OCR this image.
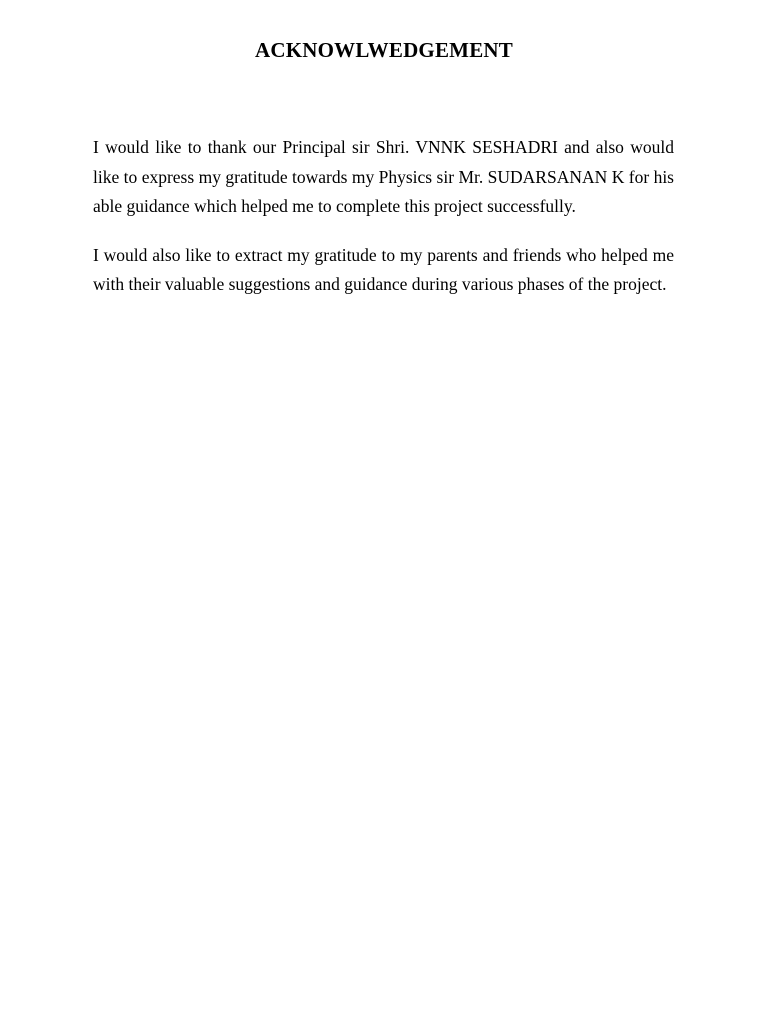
ACKNOWLWEDGEMENT

I would like to thank our Principal sir Shri. VNNK SESHADRI and also would like to express my gratitude towards my Physics sir Mr. SUDARSANAN K for his able guidance which helped me to complete this project successfully.

I would also like to extract my gratitude to my parents and friends who helped me with their valuable suggestions and guidance during various phases of the project.
